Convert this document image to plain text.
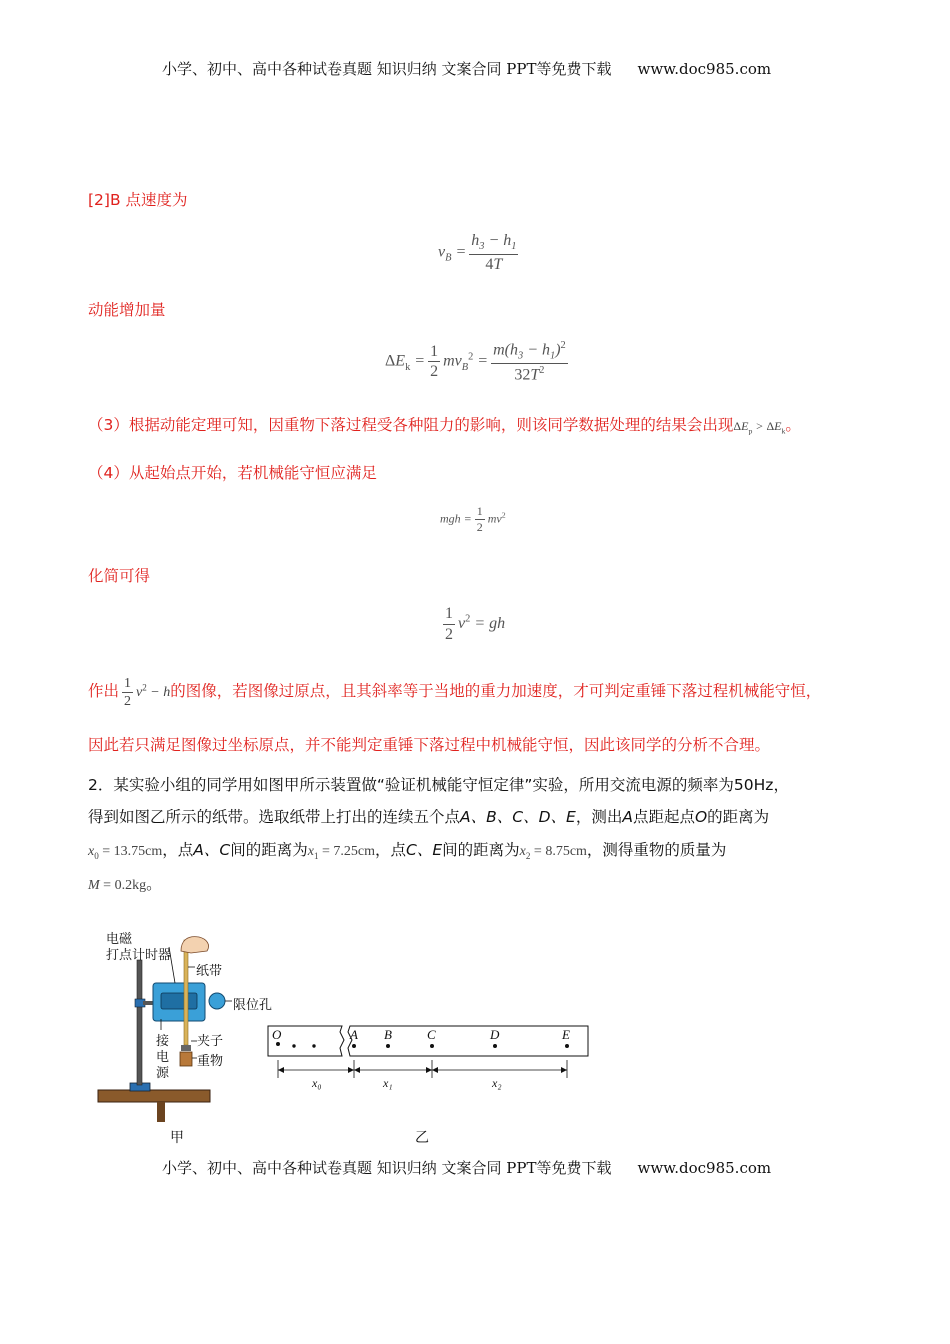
小学、初中、高中各种试卷真题 知识归纳 文案合同 PPT等免费下载 www.doc985.com
[2]B 点速度为
$v_B = \frac{h_3 - h_1}{4T}$
动能增加量
$\Delta E_k = \frac{1}{2} mv_B^2 = \frac{m(h_3 - h_1)^2}{32T^2}$
（3）根据动能定理可知，因重物下落过程受各种阻力的影响，则该同学数据处理的结果会出现$\Delta E_p > \Delta E_k$。
（4）从起始点开始，若机械能守恒应满足
mgh = $\frac{1}{2} mv^2$
化简可得
$\frac{1}{2} v^2$ = gh
作出 $\frac{1}{2} v^2 - h$的图像，若图像过原点，且其斜率等于当地的重力加速度，才可判定重锤下落过程机械能守恒，
因此若只满足图像过坐标原点，并不能判定重锤下落过程中机械能守恒，因此该同学的分析不合理。
2．某实验小组的同学用如图甲所示装置做“验证机械能守恒定律”实验，所用交流电源的频率为50Hz，
得到如图乙所示的纸带。选取纸带上打出的连续五个点A、B、C、D、E，测出A点距起点O的距离为
$x_0 = 13.75cm$，点A、C间的距离为$x_1 = 7.25cm$，点C、E间的距离为$x_2 = 8.75cm$，测得重物的质量为
M = 0.2kg。
电磁
打点计时器
纸带
限位孔
夹子
重物
接
电
源
甲
O	A B	C	D	E
x₀	x₁	x₂
乙
小学、初中、高中各种试卷真题 知识归纳 文案合同 PPT等免费下载 www.doc985.com
